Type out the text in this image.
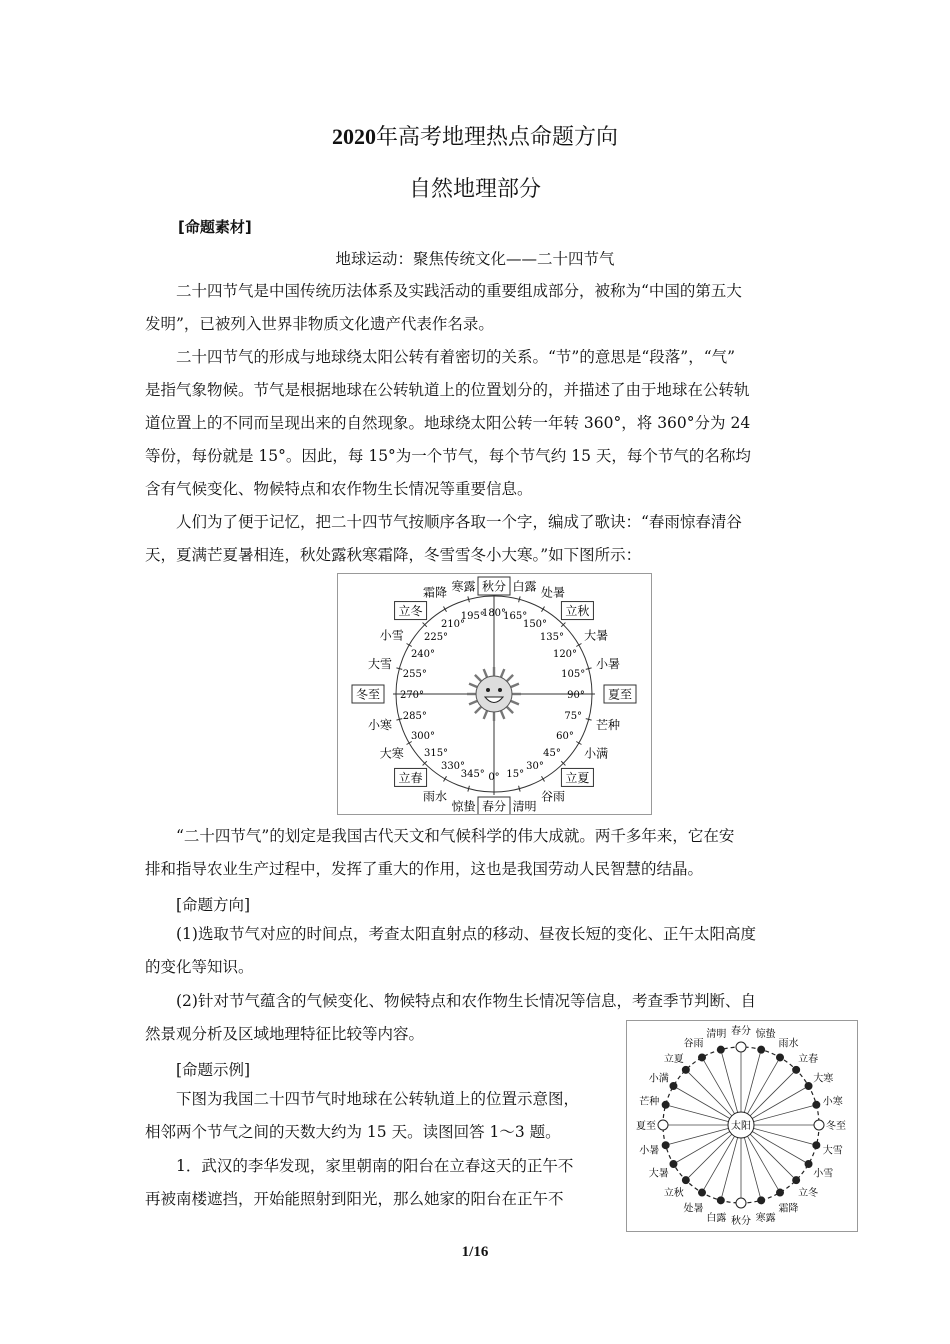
2020年高考地理热点命题方向
自然地理部分
[命题素材]
地球运动：聚焦传统文化——二十四节气
二十四节气是中国传统历法体系及实践活动的重要组成部分，被称为“中国的第五大
发明”，已被列入世界非物质文化遗产代表作名录。
二十四节气的形成与地球绕太阳公转有着密切的关系。“节”的意思是“段落”，“气”
是指气象物候。节气是根据地球在公转轨道上的位置划分的，并描述了由于地球在公转轨
道位置上的不同而呈现出来的自然现象。地球绕太阳公转一年转 360°，将 360°分为 24
等份，每份就是 15°。因此，每 15°为一个节气，每个节气约 15 天，每个节气的名称均
含有气候变化、物候特点和农作物生长情况等重要信息。
人们为了便于记忆，把二十四节气按顺序各取一个字，编成了歌诀：“春雨惊春清谷
天，夏满芒夏暑相连，秋处露秋寒霜降，冬雪雪冬小大寒。”如下图所示：
秋分
180°
白露
165°
处暑
150°
立秋
135° 大暑
120°
小暑
105°
夏至
90°
芒种
75°
小满
60°
立夏
45°
谷雨
30°
清明
15°
春分
0°
惊蛰
345°
雨水
330°
立春
315°
大寒
300°
小寒
285°
冬至 270°
大雪
255°
小雪
240°
立冬
225°
霜降
210°
寒露
195°
“二十四节气”的划定是我国古代天文和气候科学的伟大成就。两千多年来，它在安
排和指导农业生产过程中，发挥了重大的作用，这也是我国劳动人民智慧的结晶。
[命题方向]
(1)选取节气对应的时间点，考查太阳直射点的移动、昼夜长短的变化、正午太阳高度
的变化等知识。
(2)针对节气蕴含的气候变化、物候特点和农作物生长情况等信息，考查季节判断、自
然景观分析及区域地理特征比较等内容。
[命题示例]
下图为我国二十四节气时地球在公转轨道上的位置示意图，
相邻两个节气之间的天数大约为 15 天。读图回答 1～3 题。
1．武汉的李华发现，家里朝南的阳台在立春这天的正午不
再被南楼遮挡，开始能照射到阳光，那么她家的阳台在正午不
春分 惊蛰
雨水
立春
大寒
小寒
冬至
大雪
小雪
立冬
霜降
寒露
秋分
白露
处暑
立秋
大暑
小暑
夏至
芒种
小满
立夏
谷雨
清明
太阳
1/16
